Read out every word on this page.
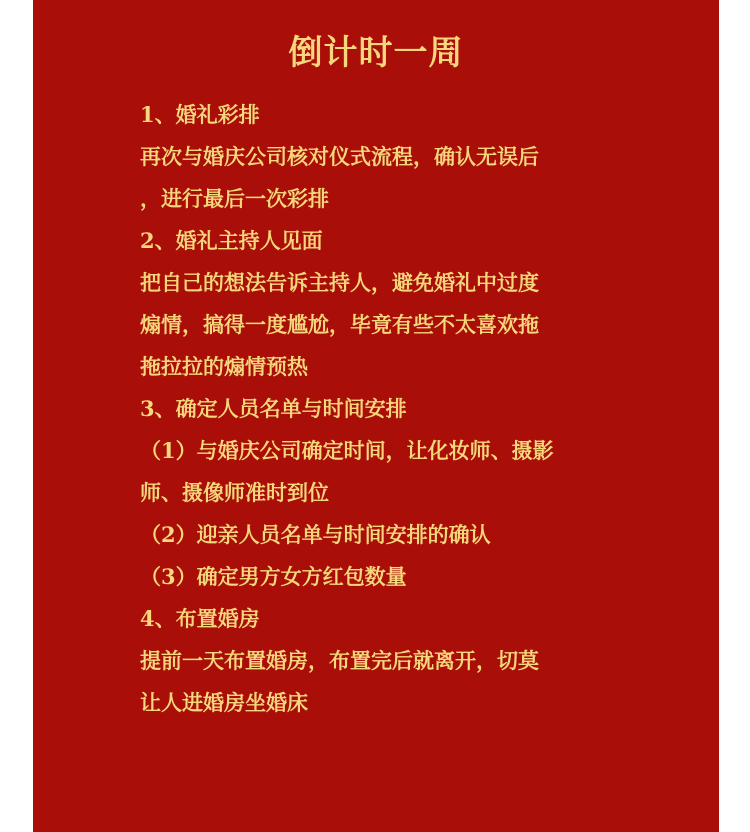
倒计时一周
1、婚礼彩排
再次与婚庆公司核对仪式流程，确认无误后
，进行最后一次彩排
2、婚礼主持人见面
把自己的想法告诉主持人，避免婚礼中过度
煽情，搞得一度尴尬，毕竟有些不太喜欢拖
拖拉拉的煽情预热
3、确定人员名单与时间安排
（1）与婚庆公司确定时间，让化妆师、摄影
师、摄像师准时到位
（2）迎亲人员名单与时间安排的确认
（3）确定男方女方红包数量
4、布置婚房
提前一天布置婚房，布置完后就离开，切莫
让人进婚房坐婚床
